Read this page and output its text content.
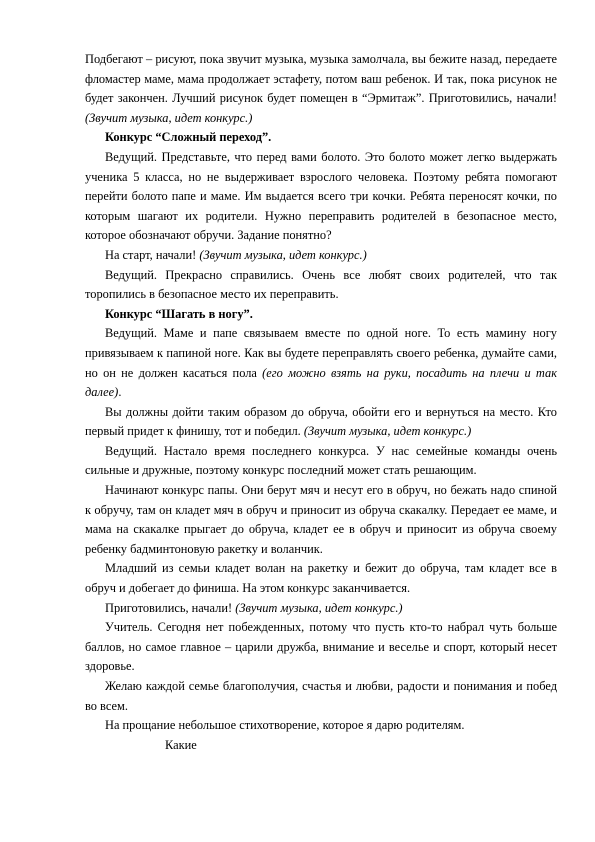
Подбегают – рисуют, пока звучит музыка, музыка замолчала, вы бежите назад, передаете фломастер маме, мама продолжает эстафету, потом ваш ребенок. И так, пока рисунок не будет закончен. Лучший рисунок будет помещен в “Эрмитаж”. Приготовились, начали! (Звучит музыка, идет конкурс.)

Конкурс “Сложный переход”.

Ведущий. Представьте, что перед вами болото. Это болото может легко выдержать ученика 5 класса, но не выдерживает взрослого человека. Поэтому ребята помогают перейти болото папе и маме. Им выдается всего три кочки. Ребята переносят кочки, по которым шагают их родители. Нужно переправить родителей в безопасное место, которое обозначают обручи. Задание понятно?

На старт, начали! (Звучит музыка, идет конкурс.)

Ведущий. Прекрасно справились. Очень все любят своих родителей, что так торопились в безопасное место их переправить.

Конкурс “Шагать в ногу”.

Ведущий. Маме и папе связываем вместе по одной ноге. То есть мамину ногу привязываем к папиной ноге. Как вы будете переправлять своего ребенка, думайте сами, но он не должен касаться пола (его можно взять на руки, посадить на плечи и так далее).

Вы должны дойти таким образом до обруча, обойти его и вернуться на место. Кто первый придет к финишу, тот и победил. (Звучит музыка, идет конкурс.)

Ведущий. Настало время последнего конкурса. У нас семейные команды очень сильные и дружные, поэтому конкурс последний может стать решающим.

Начинают конкурс папы. Они берут мяч и несут его в обруч, но бежать надо спиной к обручу, там он кладет мяч в обруч и приносит из обруча скакалку. Передает ее маме, и мама на скакалке прыгает до обруча, кладет ее в обруч и приносит из обруча своему ребенку бадминтоновую ракетку и воланчик.

Младший из семьи кладет волан на ракетку и бежит до обруча, там кладет все в обруч и добегает до финиша. На этом конкурс заканчивается.

Приготовились, начали! (Звучит музыка, идет конкурс.)

Учитель. Сегодня нет побежденных, потому что пусть кто-то набрал чуть больше баллов, но самое главное – царили дружба, внимание и веселье и спорт, который несет здоровье.

Желаю каждой семье благополучия, счастья и любви, радости и понимания и побед во всем.

На прощание небольшое стихотворение, которое я дарю родителям.

Какие
